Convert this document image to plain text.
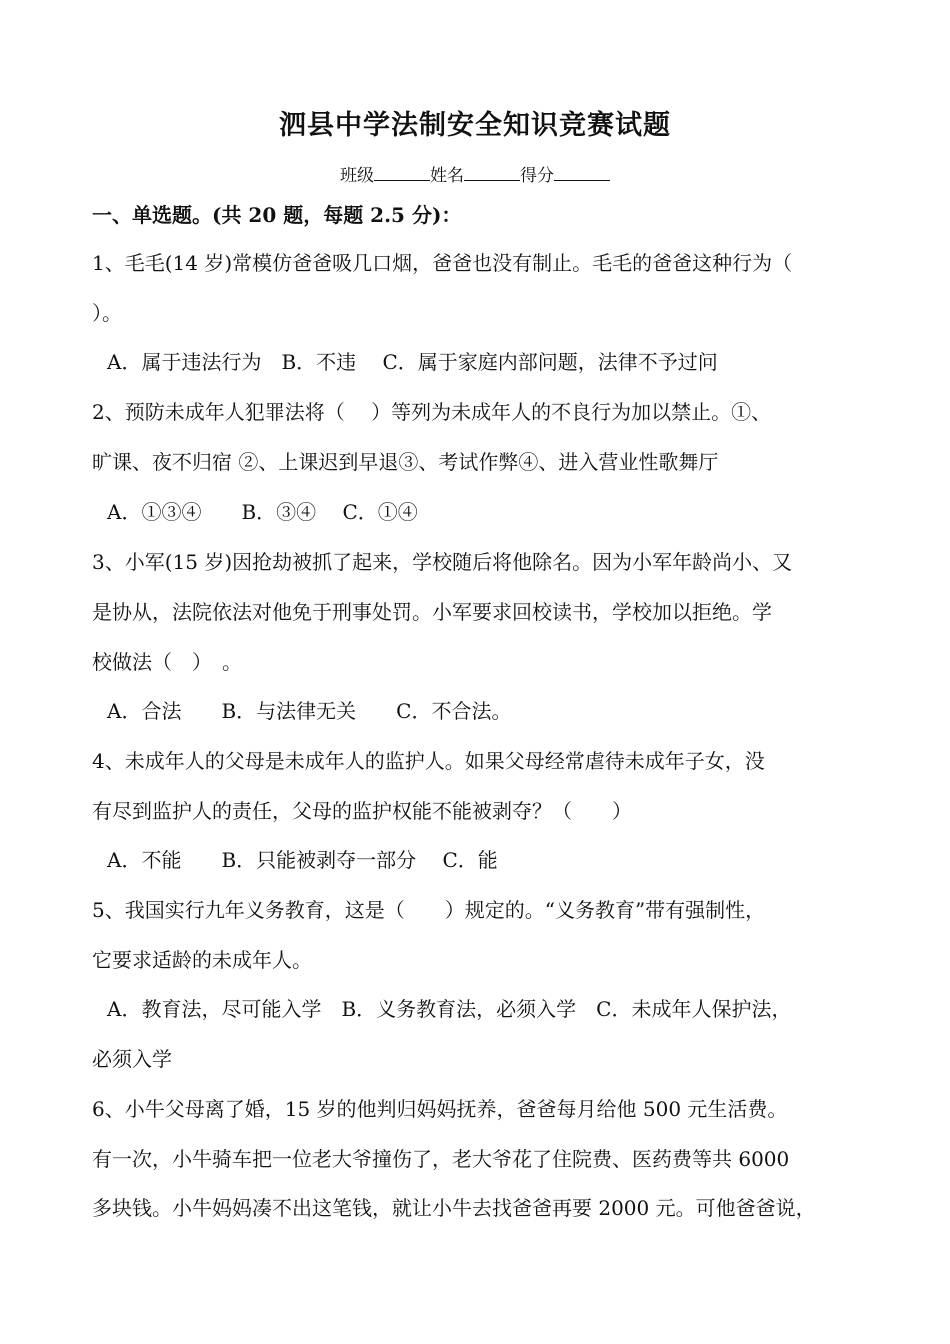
泗县中学法制安全知识竞赛试题
班级	姓名	得分
一、单选题。(共 20 题，每题 2.5 分)：
1、毛毛(14 岁)常模仿爸爸吸几口烟，爸爸也没有制止。毛毛的爸爸这种行为（
）。
A．属于违法行为　B．不违　 C．属于家庭内部问题，法律不予过问
2、预防未成年人犯罪法将（　 ）等列为未成年人的不良行为加以禁止。①、
旷课、夜不归宿 ②、上课迟到早退③、考试作弊④、进入营业性歌舞厅
A．①③④　　B．③④　 C．①④
3、小军(15 岁)因抢劫被抓了起来，学校随后将他除名。因为小军年龄尚小、又
是协从，法院依法对他免于刑事处罚。小军要求回校读书，学校加以拒绝。学
校做法（　）　。
A．合法　　B．与法律无关　　C．不合法。
4、未成年人的父母是未成年人的监护人。如果父母经常虐待未成年子女，没
有尽到监护人的责任，父母的监护权能不能被剥夺？（　　）
A．不能　　B．只能被剥夺一部分　 C．能
5、我国实行九年义务教育，这是（　　）规定的。“义务教育”带有强制性，
它要求适龄的未成年人。
A．教育法，尽可能入学　B．义务教育法，必须入学　C．未成年人保护法，
必须入学
6、小牛父母离了婚，15 岁的他判归妈妈抚养，爸爸每月给他 500 元生活费。
有一次，小牛骑车把一位老大爷撞伤了，老大爷花了住院费、医药费等共 6000
多块钱。小牛妈妈凑不出这笔钱，就让小牛去找爸爸再要 2000 元。可他爸爸说，
